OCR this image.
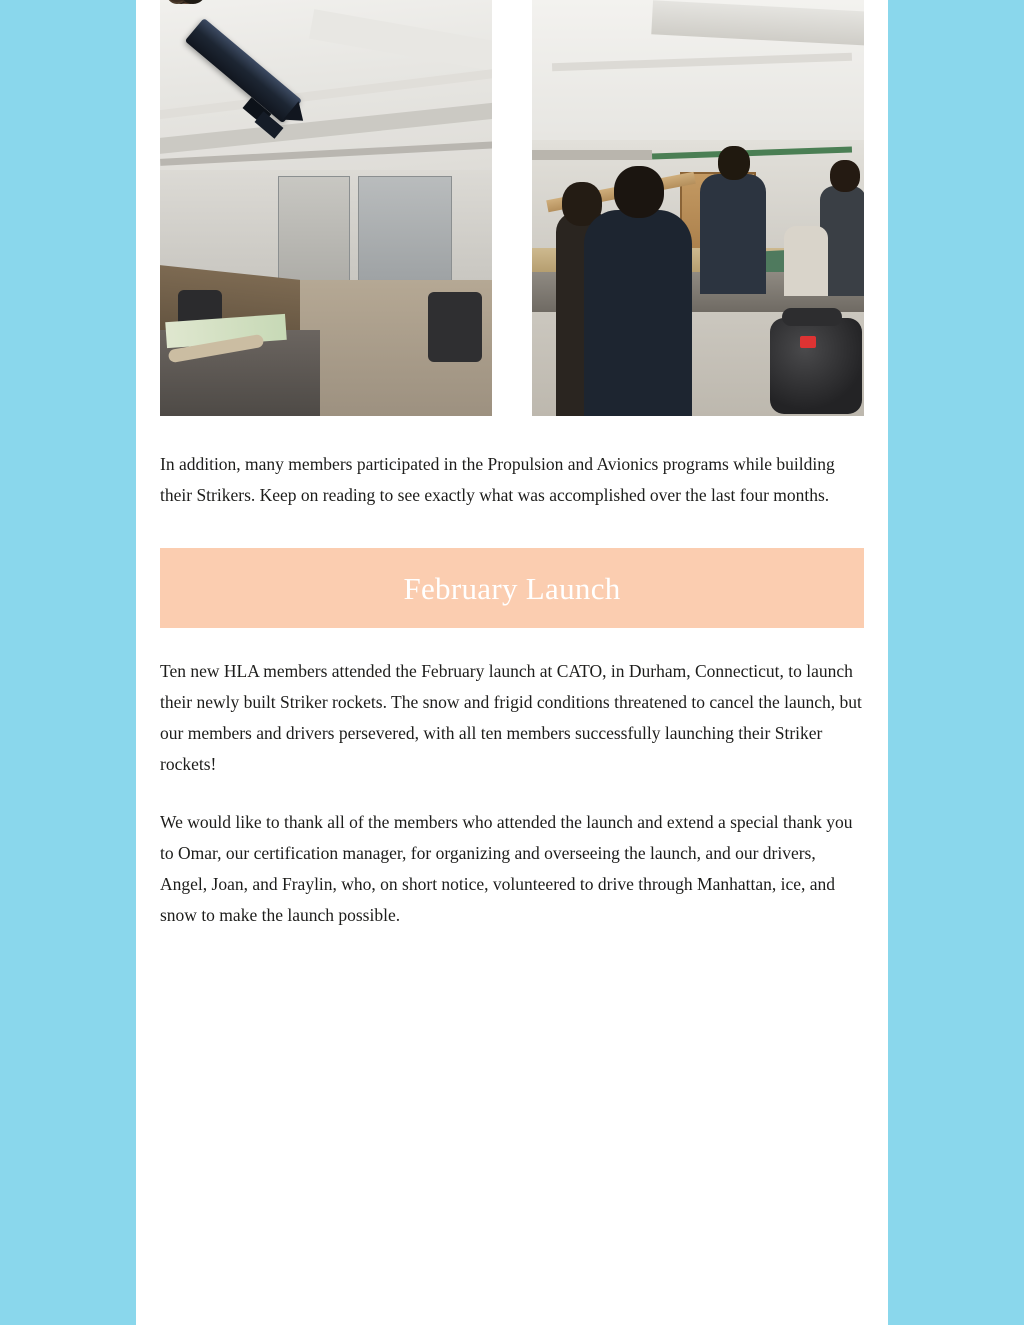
In addition, many members participated in the Propulsion and Avionics programs while building their Strikers. Keep on reading to see exactly what was accomplished over the last four months.

February Launch

Ten new HLA members attended the February launch at CATO, in Durham, Connecticut, to launch their newly built Striker rockets. The snow and frigid conditions threatened to cancel the launch, but our members and drivers persevered, with all ten members successfully launching their Striker rockets!

We would like to thank all of the members who attended the launch and extend a special thank you to Omar, our certification manager, for organizing and overseeing the launch, and our drivers, Angel, Joan, and Fraylin, who, on short notice, volunteered to drive through Manhattan, ice, and snow to make the launch possible.
